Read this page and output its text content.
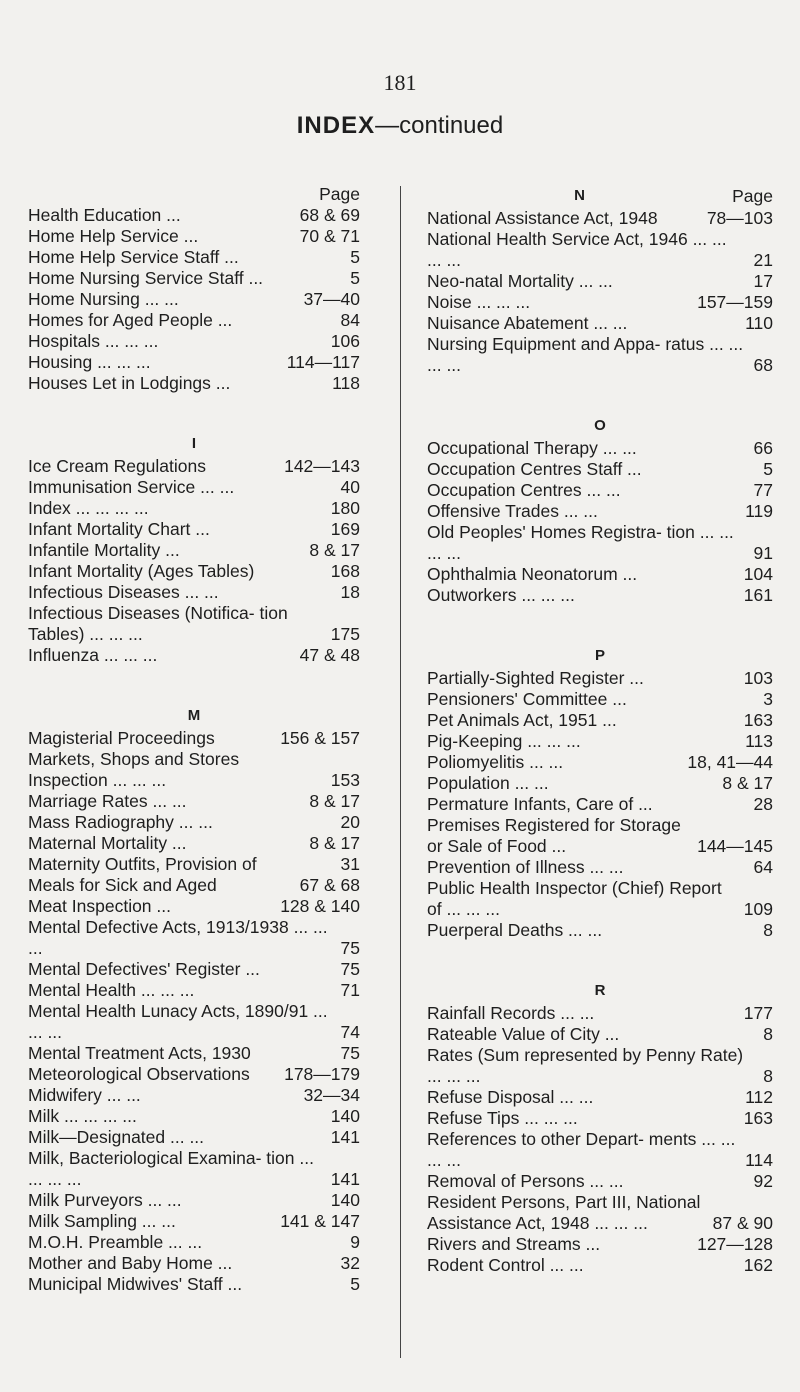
181
INDEX—continued
Page
Health Education ...	68 & 69
Home Help Service ...	70 & 71
Home Help Service Staff ...	5
Home Nursing Service Staff ...	5
Home Nursing ... ...	37—40
Homes for Aged People ...	84
Hospitals ... ... ...	106
Housing ... ... ...	114—117
Houses Let in Lodgings ...	118
I
Ice Cream Regulations	142—143
Immunisation Service ... ...	40
Index ... ... ... ...	180
Infant Mortality Chart ...	169
Infantile Mortality ...	8 & 17
Infant Mortality (Ages Tables)	168
Infectious Diseases ... ...	18
Infectious Diseases (Notifica- tion Tables) ... ... ...	175
Influenza ... ... ...	47 & 48
M
Magisterial Proceedings	156 & 157
Markets, Shops and Stores Inspection ... ... ...	153
Marriage Rates ... ...	8 & 17
Mass Radiography ... ...	20
Maternal Mortality ...	8 & 17
Maternity Outfits, Provision of	31
Meals for Sick and Aged	67 & 68
Meat Inspection ...	128 & 140
Mental Defective Acts, 1913/1938 ... ... ...	75
Mental Defectives' Register ...	75
Mental Health ... ... ...	71
Mental Health Lunacy Acts, 1890/91 ... ... ...	74
Mental Treatment Acts, 1930	75
Meteorological Observations	178—179
Midwifery ... ...	32—34
Milk ... ... ... ...	140
Milk—Designated ... ...	141
Milk, Bacteriological Examina- tion ... ... ... ...	141
Milk Purveyors ... ...	140
Milk Sampling ... ...	141 & 147
M.O.H. Preamble ... ...	9
Mother and Baby Home ...	32
Municipal Midwives' Staff ...	5
N	Page
National Assistance Act, 1948	78—103
National Health Service Act, 1946 ... ... ... ...	21
Neo-natal Mortality ... ...	17
Noise ... ... ...	157—159
Nuisance Abatement ... ...	110
Nursing Equipment and Appa- ratus ... ... ... ...	68
O
Occupational Therapy ... ...	66
Occupation Centres Staff ...	5
Occupation Centres ... ...	77
Offensive Trades ... ...	119
Old Peoples' Homes Registra- tion ... ... ... ...	91
Ophthalmia Neonatorum ...	104
Outworkers ... ... ...	161
P
Partially-Sighted Register ...	103
Pensioners' Committee ...	3
Pet Animals Act, 1951 ...	163
Pig-Keeping ... ... ...	113
Poliomyelitis ... ...	18, 41—44
Population ... ...	8 & 17
Permature Infants, Care of ...	28
Premises Registered for Storage or Sale of Food ...	144—145
Prevention of Illness ... ...	64
Public Health Inspector (Chief) Report of ... ... ...	109
Puerperal Deaths ... ...	8
R
Rainfall Records ... ...	177
Rateable Value of City ...	8
Rates (Sum represented by Penny Rate) ... ... ...	8
Refuse Disposal ... ...	112
Refuse Tips ... ... ...	163
References to other Depart- ments ... ... ... ...	114
Removal of Persons ... ...	92
Resident Persons, Part III, National Assistance Act, 1948 ... ... ...	87 & 90
Rivers and Streams ...	127—128
Rodent Control ... ...	162
